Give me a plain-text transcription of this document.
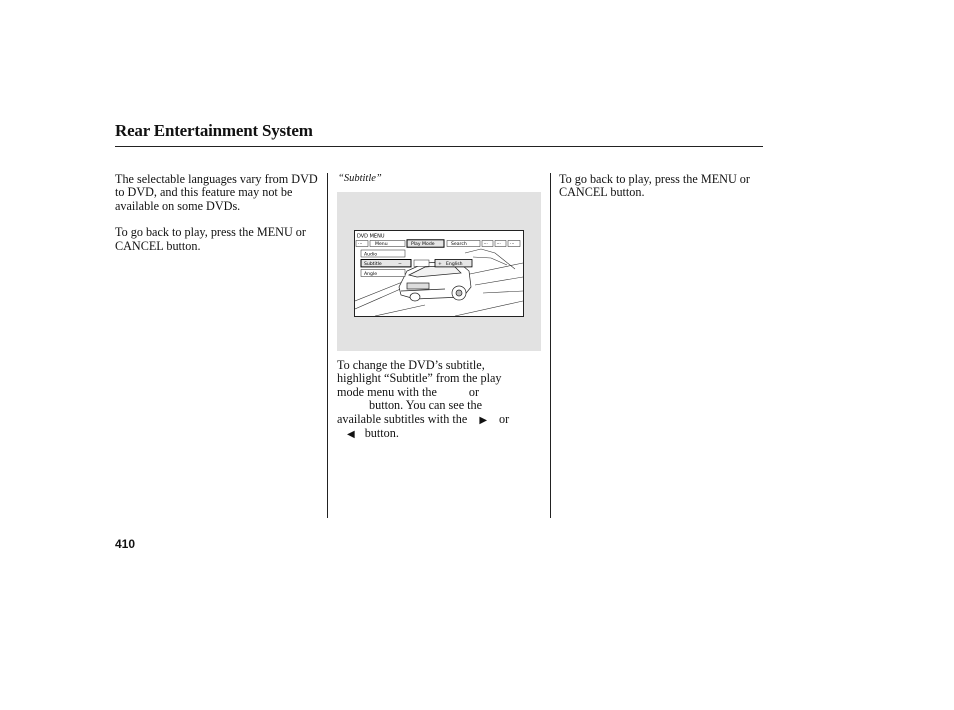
Rear Entertainment System

The selectable languages vary from DVD to DVD, and this feature may not be available on some DVDs.

To go back to play, press the MENU or CANCEL button.

“Subtitle”
DVD MENU
···	Menu	Play Mode	Search	··· ··· ···
Audio
Subtitle	−	+ English
Angle
To change the DVD’s subtitle,
highlight “Subtitle” from the play
mode menu with the	or
button. You can see the
available subtitles with the ▶ or
◀ button.

To go back to play, press the MENU or CANCEL button.

410
